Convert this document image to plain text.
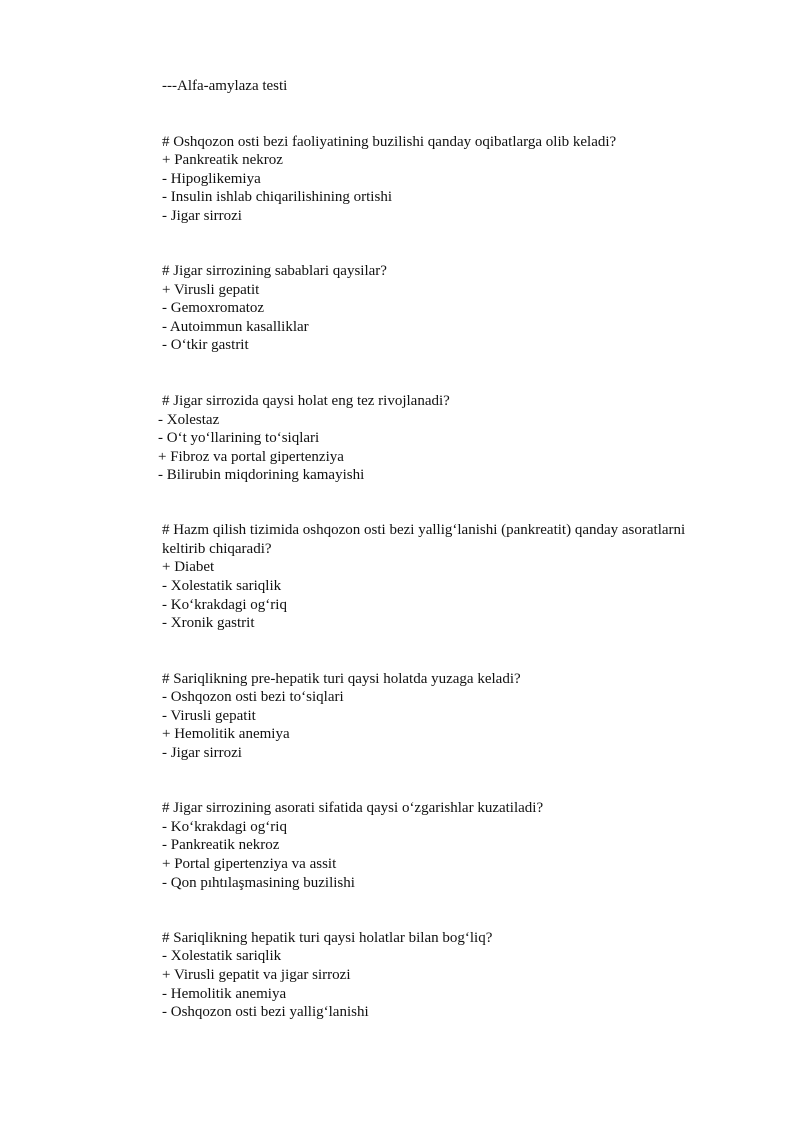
---Alfa-amylaza testi
# Oshqozon osti bezi faoliyatining buzilishi qanday oqibatlarga olib keladi?
+ Pankreatik nekroz
- Hipoglikemiya
- Insulin ishlab chiqarilishining ortishi
- Jigar sirrozi
# Jigar sirrozining sabablari qaysilar?
+ Virusli gepatit
- Gemoxromatoz
- Autoimmun kasalliklar
- O‘tkir gastrit
# Jigar sirrozida qaysi holat eng tez rivojlanadi?
- Xolestaz
- O‘t yo‘llarining to‘siqlari
+ Fibroz va portal gipertenziya
- Bilirubin miqdorining kamayishi
# Hazm qilish tizimida oshqozon osti bezi yallig‘lanishi (pankreatit) qanday asoratlarni
keltirib chiqaradi?
+ Diabet
- Xolestatik sariqlik
- Ko‘krakdagi og‘riq
- Xronik gastrit
# Sariqlikning pre-hepatik turi qaysi holatda yuzaga keladi?
- Oshqozon osti bezi to‘siqlari
- Virusli gepatit
+ Hemolitik anemiya
- Jigar sirrozi
# Jigar sirrozining asorati sifatida qaysi o‘zgarishlar kuzatiladi?
- Ko‘krakdagi og‘riq
- Pankreatik nekroz
+ Portal gipertenziya va assit
- Qon pıhtılaşmasining buzilishi
# Sariqlikning hepatik turi qaysi holatlar bilan bog‘liq?
- Xolestatik sariqlik
+ Virusli gepatit va jigar sirrozi
- Hemolitik anemiya
- Oshqozon osti bezi yallig‘lanishi
